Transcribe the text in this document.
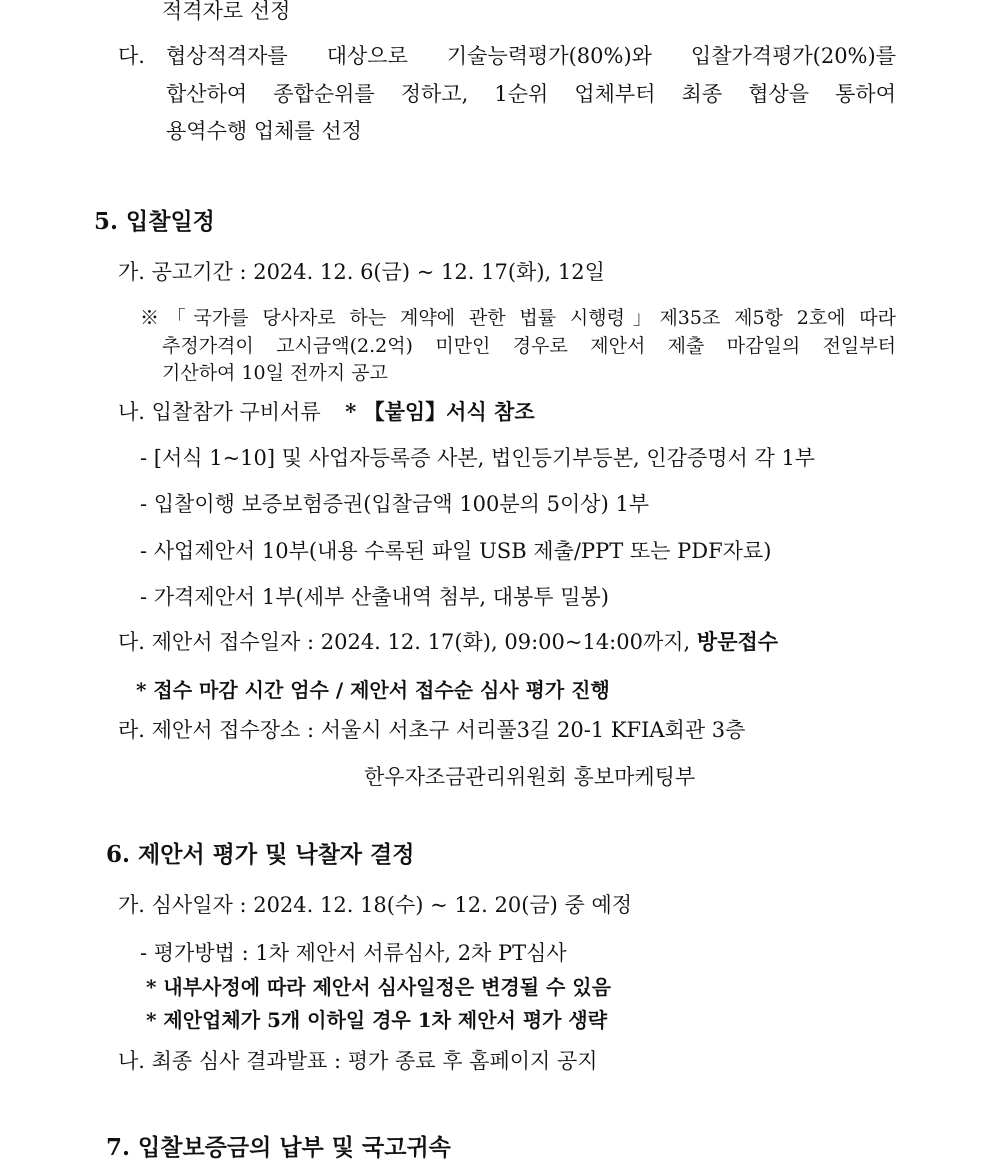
적격자로 선정
다. 협상적격자를 대상으로 기술능력평가(80%)와 입찰가격평가(20%)를
합산하여 종합순위를 정하고, 1순위 업체부터 최종 협상을 통하여
용역수행 업체를 선정
5. 입찰일정
가. 공고기간 : 2024. 12. 6(금) ~ 12. 17(화), 12일
※「국가를 당사자로 하는 계약에 관한 법률 시행령」제35조 제5항 2호에 따라
추정가격이 고시금액(2.2억) 미만인 경우로 제안서 제출 마감일의 전일부터
기산하여 10일 전까지 공고
나. 입찰참가 구비서류 * 【붙임】서식 참조
- [서식 1~10] 및 사업자등록증 사본, 법인등기부등본, 인감증명서 각 1부
- 입찰이행 보증보험증권(입찰금액 100분의 5이상) 1부
- 사업제안서 10부(내용 수록된 파일 USB 제출/PPT 또는 PDF자료)
- 가격제안서 1부(세부 산출내역 첨부, 대봉투 밀봉)
다. 제안서 접수일자 : 2024. 12. 17(화), 09:00~14:00까지, 방문접수
* 접수 마감 시간 엄수 / 제안서 접수순 심사 평가 진행
라. 제안서 접수장소 : 서울시 서초구 서리풀3길 20-1 KFIA회관 3층
한우자조금관리위원회 홍보마케팅부
6. 제안서 평가 및 낙찰자 결정
가. 심사일자 : 2024. 12. 18(수) ~ 12. 20(금) 중 예정
- 평가방법 : 1차 제안서 서류심사, 2차 PT심사
* 내부사정에 따라 제안서 심사일정은 변경될 수 있음
* 제안업체가 5개 이하일 경우 1차 제안서 평가 생략
나. 최종 심사 결과발표 : 평가 종료 후 홈페이지 공지
7. 입찰보증금의 납부 및 국고귀속
